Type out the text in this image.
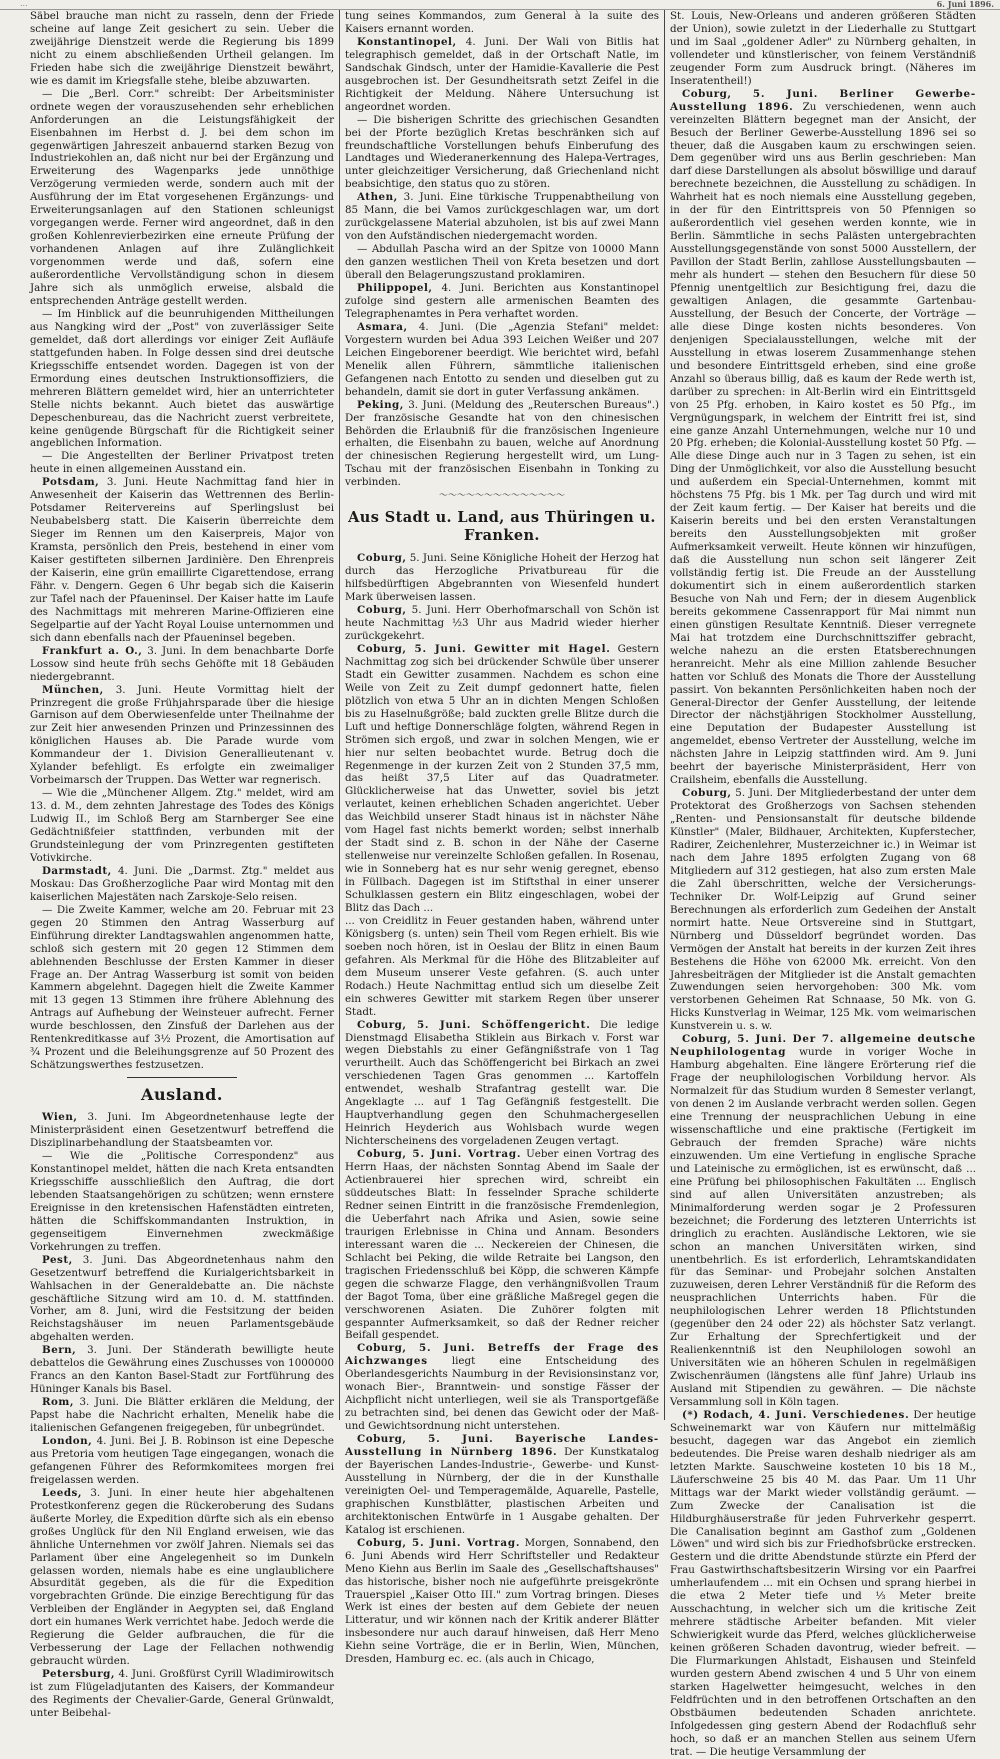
...	6. Juni 1896.

Säbel brauche man nicht zu rasseln, denn der Friede scheine auf lange Zeit gesichert zu sein. Ueber die zweijährige Dienstzeit werde die Regierung bis 1899 nicht zu einem abschließenden Urtheil gelangen. Im Frieden habe sich die zweijährige Dienstzeit bewährt, wie es damit im Kriegsfalle stehe, bleibe abzuwarten.

— Die „Berl. Corr." schreibt: Der Arbeitsminister ordnete wegen der vorauszusehenden sehr erheblichen Anforderungen an die Leistungsfähigkeit der Eisenbahnen im Herbst d. J. bei dem schon im gegenwärtigen Jahreszeit anbauernd starken Bezug von Industriekohlen an, daß nicht nur bei der Ergänzung und Erweiterung des Wagenparks jede unnöthige Verzögerung vermieden werde, sondern auch mit der Ausführung der im Etat vorgesehenen Ergänzungs- und Erweiterungsanlagen auf den Stationen schleunigst vorgegangen werde. Ferner wird angeordnet, daß in den großen Kohlenrevierbezirken eine erneute Prüfung der vorhandenen Anlagen auf ihre Zulänglichkeit vorgenommen werde und daß, sofern eine außerordentliche Vervollständigung schon in diesem Jahre sich als unmöglich erweise, alsbald die entsprechenden Anträge gestellt werden.

— Im Hinblick auf die beunruhigenden Mittheilungen aus Nangking wird der „Post" von zuverlässiger Seite gemeldet, daß dort allerdings vor einiger Zeit Aufläufe stattgefunden haben. In Folge dessen sind drei deutsche Kriegsschiffe entsendet worden. Dagegen ist von der Ermordung eines deutschen Instruktionsoffiziers, die mehreren Blättern gemeldet wird, hier an unterrichteter Stelle nichts bekannt. Auch bietet das auswärtige Depeschenbureau, das die Nachricht zuerst verbreitete, keine genügende Bürgschaft für die Richtigkeit seiner angeblichen Information.

— Die Angestellten der Berliner Privatpost treten heute in einen allgemeinen Ausstand ein.

Potsdam, 3. Juni. Heute Nachmittag fand hier in Anwesenheit der Kaiserin das Wettrennen des Berlin-Potsdamer Reitervereins auf Sperlingslust bei Neubabelsberg statt. Die Kaiserin überreichte dem Sieger im Rennen um den Kaiserpreis, Major von Kramsta, persönlich den Preis, bestehend in einer vom Kaiser gestifteten silbernen Jardinière. Den Ehrenpreis der Kaiserin, eine grün emaillirte Cigarettendose, errang Fähr. v. Dengern. Gegen 6 Uhr begab sich die Kaiserin zur Tafel nach der Pfaueninsel. Der Kaiser hatte im Laufe des Nachmittags mit mehreren Marine-Offizieren eine Segelpartie auf der Yacht Royal Louise unternommen und sich dann ebenfalls nach der Pfaueninsel begeben.

Frankfurt a. O., 3. Juni. In dem benachbarte Dorfe Lossow sind heute früh sechs Gehöfte mit 18 Gebäuden niedergebrannt.

München, 3. Juni. Heute Vormittag hielt der Prinzregent die große Frühjahrsparade über die hiesige Garnison auf dem Oberwiesenfelde unter Theilnahme der zur Zeit hier anwesenden Prinzen und Prinzessinnen des königlichen Hauses ab. Die Parade wurde vom Kommandeur der 1. Division Generallieutenant v. Xylander befehligt. Es erfolgte ein zweimaliger Vorbeimarsch der Truppen. Das Wetter war regnerisch.

— Wie die „Münchener Allgem. Ztg." meldet, wird am 13. d. M., dem zehnten Jahrestage des Todes des Königs Ludwig II., im Schloß Berg am Starnberger See eine Gedächtnißfeier stattfinden, verbunden mit der Grundsteinlegung der vom Prinzregenten gestifteten Votivkirche.

Darmstadt, 4. Juni. Die „Darmst. Ztg." meldet aus Moskau: Das Großherzogliche Paar wird Montag mit den kaiserlichen Majestäten nach Zarskoje-Selo reisen.

— Die Zweite Kammer, welche am 20. Februar mit 23 gegen 20 Stimmen den Antrag Wasserburg auf Einführung direkter Landtagswahlen angenommen hatte, schloß sich gestern mit 20 gegen 12 Stimmen dem ablehnenden Beschlusse der Ersten Kammer in dieser Frage an. Der Antrag Wasserburg ist somit von beiden Kammern abgelehnt. Dagegen hielt die Zweite Kammer mit 13 gegen 13 Stimmen ihre frühere Ablehnung des Antrags auf Aufhebung der Weinsteuer aufrecht. Ferner wurde beschlossen, den Zinsfuß der Darlehen aus der Rentenkreditkasse auf 3½ Prozent, die Amortisation auf ¾ Prozent und die Beleihungsgrenze auf 50 Prozent des Schätzungswerthes festzusetzen.

Ausland.

Wien, 3. Juni. Im Abgeordnetenhause legte der Ministerpräsident einen Gesetzentwurf betreffend die Disziplinarbehandlung der Staatsbeamten vor.

— Wie die „Politische Correspondenz" aus Konstantinopel meldet, hätten die nach Kreta entsandten Kriegsschiffe ausschließlich den Auftrag, die dort lebenden Staatsangehörigen zu schützen; wenn ernstere Ereignisse in den kretensischen Hafenstädten eintreten, hätten die Schiffskommandanten Instruktion, in gegenseitigem Einvernehmen zweckmäßige Vorkehrungen zu treffen.

Pest, 3. Juni. Das Abgeordnetenhaus nahm den Gesetzentwurf betreffend die Kurialgerichtsbarkeit in Wahlsachen in der Generaldebatte an. Die nächste geschäftliche Sitzung wird am 10. d. M. stattfinden. Vorher, am 8. Juni, wird die Festsitzung der beiden Reichstagshäuser im neuen Parlamentsgebäude abgehalten werden.

Bern, 3. Juni. Der Ständerath bewilligte heute debattelos die Gewährung eines Zuschusses von 1000000 Francs an den Kanton Basel-Stadt zur Fortführung des Hüninger Kanals bis Basel.

Rom, 3. Juni. Die Blätter erklären die Meldung, der Papst habe die Nachricht erhalten, Menelik habe die italienischen Gefangenen freigegeben, für unbegründet.

London, 4. Juni. Bei J. B. Robinson ist eine Depesche aus Pretoria vom heutigen Tage eingegangen, wonach die gefangenen Führer des Reformkomitees morgen frei freigelassen werden.

Leeds, 3. Juni. In einer heute hier abgehaltenen Protestkonferenz gegen die Rückeroberung des Sudans äußerte Morley, die Expedition dürfte sich als ein ebenso großes Unglück für den Nil England erweisen, wie das ähnliche Unternehmen vor zwölf Jahren. Niemals sei das Parlament über eine Angelegenheit so im Dunkeln gelassen worden, niemals habe es eine unglaublichere Absurdität gegeben, als die für die Expedition vorgebrachten Gründe. Die einzige Berechtigung für das Verbleiben der Engländer in Aegypten sei, daß England dort ein humanes Werk verrichtet habe. Jedoch werde die Regierung die Gelder aufbrauchen, die für die Verbesserung der Lage der Fellachen nothwendig gebraucht würden.

Petersburg, 4. Juni. Großfürst Cyrill Wladimirowitsch ist zum Flügeladjutanten des Kaisers, der Kommandeur des Regiments der Chevalier-Garde, General Grünwaldt, unter Beibehal-

tung seines Kommandos, zum General à la suite des Kaisers ernannt worden.

Konstantinopel, 4. Juni. Der Wali von Bitlis hat telegraphisch gemeldet, daß in der Ortschaft Natle, im Sandschak Gindsch, unter der Hamidie-Kavallerie die Pest ausgebrochen ist. Der Gesundheitsrath setzt Zeifel in die Richtigkeit der Meldung. Nähere Untersuchung ist angeordnet worden.

— Die bisherigen Schritte des griechischen Gesandten bei der Pforte bezüglich Kretas beschränken sich auf freundschaftliche Vorstellungen behufs Einberufung des Landtages und Wiederanerkennung des Halepa-Vertrages, unter gleichzeitiger Versicherung, daß Griechenland nicht beabsichtige, den status quo zu stören.

Athen, 3. Juni. Eine türkische Truppenabtheilung von 85 Mann, die bei Vamos zurückgeschlagen war, um dort zurückgelassene Material abzuholen, ist bis auf zwei Mann von den Aufständischen niedergemacht worden.

— Abdullah Pascha wird an der Spitze von 10000 Mann den ganzen westlichen Theil von Kreta besetzen und dort überall den Belagerungszustand proklamiren.

Philippopel, 4. Juni. Berichten aus Konstantinopel zufolge sind gestern alle armenischen Beamten des Telegraphenamtes in Pera verhaftet worden.

Asmara, 4. Juni. (Die „Agenzia Stefani" meldet: Vorgestern wurden bei Adua 393 Leichen Weißer und 207 Leichen Eingeborener beerdigt. Wie berichtet wird, befahl Menelik allen Führern, sämmtliche italienischen Gefangenen nach Entotto zu senden und dieselben gut zu behandeln, damit sie dort in guter Verfassung ankämen.

Peking, 3. Juni. (Meldung des „Reuterschen Bureaus".) Der französische Gesandte hat von den chinesischen Behörden die Erlaubniß für die französischen Ingenieure erhalten, die Eisenbahn zu bauen, welche auf Anordnung der chinesischen Regierung hergestellt wird, um Lung-Tschau mit der französischen Eisenbahn in Tonking zu verbinden.

〜〜〜〜〜〜〜〜〜〜〜〜〜〜
Aus Stadt u. Land, aus Thüringen u. Franken.

Coburg, 5. Juni. Seine Königliche Hoheit der Herzog hat durch das Herzogliche Privatbureau für die hilfsbedürftigen Abgebrannten von Wiesenfeld hundert Mark überweisen lassen.

Coburg, 5. Juni. Herr Oberhofmarschall von Schön ist heute Nachmittag ½3 Uhr aus Madrid wieder hierher zurückgekehrt.

Coburg, 5. Juni. Gewitter mit Hagel. Gestern Nachmittag zog sich bei drückender Schwüle über unserer Stadt ein Gewitter zusammen. Nachdem es schon eine Weile von Zeit zu Zeit dumpf gedonnert hatte, fielen plötzlich von etwa 5 Uhr an in dichten Mengen Schloßen bis zu Haselnußgröße; bald zuckten grelle Blitze durch die Luft und heftige Donnerschläge folgten, während Regen in Strömen sich ergoß, und zwar in solchen Mengen, wie er hier nur selten beobachtet wurde. Betrug doch die Regenmenge in der kurzen Zeit von 2 Stunden 37,5 mm, das heißt 37,5 Liter auf das Quadratmeter. Glücklicherweise hat das Unwetter, soviel bis jetzt verlautet, keinen erheblichen Schaden angerichtet. Ueber das Weichbild unserer Stadt hinaus ist in nächster Nähe vom Hagel fast nichts bemerkt worden; selbst innerhalb der Stadt sind z. B. schon in der Nähe der Caserne stellenweise nur vereinzelte Schloßen gefallen. In Rosenau, wie in Sonneberg hat es nur sehr wenig geregnet, ebenso in Füllbach. Dagegen ist im Stiftsthal in einer unserer Schulklassen gestern ein Blitz eingeschlagen, wobei der Blitz das Dach ...

... von Creidlitz in Feuer gestanden haben, während unter Königsberg (s. unten) sein Theil vom Regen erhielt. Bis wie soeben noch hören, ist in Oeslau der Blitz in einen Baum gefahren. Als Merkmal für die Höhe des Blitzableiter auf dem Museum unserer Veste gefahren. (S. auch unter Rodach.) Heute Nachmittag entlud sich um dieselbe Zeit ein schweres Gewitter mit starkem Regen über unserer Stadt.

Coburg, 5. Juni. Schöffengericht. Die ledige Dienstmagd Elisabetha Stiklein aus Birkach v. Forst war wegen Diebstahls zu einer Gefängnißstrafe von 1 Tag verurtheilt. Auch das Schöffengericht bei Birkach an zwei verschiedenen Tagen Gras genommen ... Kartoffeln entwendet, weshalb Strafantrag gestellt war. Die Angeklagte ... auf 1 Tag Gefängniß festgestellt. Die Hauptverhandlung gegen den Schuhmachergesellen Heinrich Heyderich aus Wohlsbach wurde wegen Nichterscheinens des vorgeladenen Zeugen vertagt.

Coburg, 5. Juni. Vortrag. Ueber einen Vortrag des Herrn Haas, der nächsten Sonntag Abend im Saale der Actienbrauerei hier sprechen wird, schreibt ein süddeutsches Blatt: In fesselnder Sprache schilderte Redner seinen Eintritt in die französische Fremdenlegion, die Ueberfahrt nach Afrika und Asien, sowie seine traurigen Erlebnisse in China und Annam. Besonders interessant waren die ... Neckereien der Chinesen, die Schlacht bei Peking, die wilde Retraite bei Langson, den tragischen Friedensschluß bei Köpp, die schweren Kämpfe gegen die schwarze Flagge, den verhängnißvollen Traum der Bagot Toma, über eine gräßliche Maßregel gegen die verschworenen Asiaten. Die Zuhörer folgten mit gespannter Aufmerksamkeit, so daß der Redner reicher Beifall gespendet.

Coburg, 5. Juni. Betreffs der Frage des Aichzwanges liegt eine Entscheidung des Oberlandesgerichts Naumburg in der Revisionsinstanz vor, wonach Bier-, Branntwein- und sonstige Fässer der Aichpflicht nicht unterliegen, weil sie als Transportgefäße zu betrachten sind, bei denen das Gewicht oder der Maß- und Gewichtsordnung nicht unterstehen.

Coburg, 5. Juni. Bayerische Landes-Ausstellung in Nürnberg 1896. Der Kunstkatalog der Bayerischen Landes-Industrie-, Gewerbe- und Kunst-Ausstellung in Nürnberg, der die in der Kunsthalle vereinigten Oel- und Temperagemälde, Aquarelle, Pastelle, graphischen Kunstblätter, plastischen Arbeiten und architektonischen Entwürfe in 1 Ausgabe gehalten. Der Katalog ist erschienen.

Coburg, 5. Juni. Vortrag. Morgen, Sonnabend, den 6. Juni Abends wird Herr Schriftsteller und Redakteur Meno Kiehn aus Berlin im Saale des „Gesellschaftshauses" das historische, bisher noch nie aufgeführte preisgekrönte Trauerspiel „Kaiser Otto III." zum Vortrag bringen. Dieses Werk ist eines der besten auf dem Gebiete der neuen Litteratur, und wir können nach der Kritik anderer Blätter insbesondere nur auch darauf hinweisen, daß Herr Meno Kiehn seine Vorträge, die er in Berlin, Wien, München, Dresden, Hamburg ec. ec. (als auch in Chicago,

St. Louis, New-Orleans und anderen größeren Städten der Union), sowie zuletzt in der Liederhalle zu Stuttgart und im Saal „goldener Adler" zu Nürnberg gehalten, in vollendeter und künstlerischer, von feinem Verständniß zeugender Form zum Ausdruck bringt. (Näheres im Inseratentheil!)

Coburg, 5. Juni. Berliner Gewerbe-Ausstellung 1896. Zu verschiedenen, wenn auch vereinzelten Blättern begegnet man der Ansicht, der Besuch der Berliner Gewerbe-Ausstellung 1896 sei so theuer, daß die Ausgaben kaum zu erschwingen seien. Dem gegenüber wird uns aus Berlin geschrieben: Man darf diese Darstellungen als absolut böswillige und darauf berechnete bezeichnen, die Ausstellung zu schädigen. In Wahrheit hat es noch niemals eine Ausstellung gegeben, in der für den Eintrittspreis von 50 Pfennigen so außerordentlich viel gesehen werden konnte, wie in Berlin. Sämmtliche in sechs Palästen untergebrachten Ausstellungsgegenstände von sonst 5000 Ausstellern, der Pavillon der Stadt Berlin, zahllose Ausstellungsbauten — mehr als hundert — stehen den Besuchern für diese 50 Pfennig unentgeltlich zur Besichtigung frei, dazu die gewaltigen Anlagen, die gesammte Gartenbau-Ausstellung, der Besuch der Concerte, der Vorträge — alle diese Dinge kosten nichts besonderes. Von denjenigen Specialausstellungen, welche mit der Ausstellung in etwas loserem Zusammenhange stehen und besondere Eintrittsgeld erheben, sind eine große Anzahl so überaus billig, daß es kaum der Rede werth ist, darüber zu sprechen: in Alt-Berlin wird ein Eintrittsgeld von 25 Pfg. erhoben, in Kairo kostet es 50 Pfg., im Vergnügungspark, in welchem der Eintritt frei ist, sind eine ganze Anzahl Unternehmungen, welche nur 10 und 20 Pfg. erheben; die Kolonial-Ausstellung kostet 50 Pfg. — Alle diese Dinge auch nur in 3 Tagen zu sehen, ist ein Ding der Unmöglichkeit, vor also die Ausstellung besucht und außerdem ein Special-Unternehmen, kommt mit höchstens 75 Pfg. bis 1 Mk. per Tag durch und wird mit der Zeit kaum fertig. — Der Kaiser hat bereits und die Kaiserin bereits und bei den ersten Veranstaltungen bereits den Ausstellungsobjekten mit großer Aufmerksamkeit verweilt. Heute können wir hinzufügen, daß die Ausstellung nun schon seit längerer Zeit vollständig fertig ist. Die Freude an der Ausstellung dokumentirt sich in einem außerordentlich starken Besuche von Nah und Fern; der in diesem Augenblick bereits gekommene Cassenrapport für Mai nimmt nun einen günstigen Resultate Kenntniß. Dieser verregnete Mai hat trotzdem eine Durchschnittsziffer gebracht, welche nahezu an die ersten Etatsberechnungen heranreicht. Mehr als eine Million zahlende Besucher hatten vor Schluß des Monats die Thore der Ausstellung passirt. Von bekannten Persönlichkeiten haben noch der General-Director der Genfer Ausstellung, der leitende Director der nächstjährigen Stockholmer Ausstellung, eine Deputation der Budapester Ausstellung ist angemeldet, ebenso Vertreter der Ausstellung, welche im nächsten Jahre in Leipzig stattfinden wird. Am 9. Juni beehrt der bayerische Ministerpräsident, Herr von Crailsheim, ebenfalls die Ausstellung.

Coburg, 5. Juni. Der Mitgliederbestand der unter dem Protektorat des Großherzogs von Sachsen stehenden „Renten- und Pensionsanstalt für deutsche bildende Künstler" (Maler, Bildhauer, Architekten, Kupferstecher, Radirer, Zeichenlehrer, Musterzeichner ic.) in Weimar ist nach dem Jahre 1895 erfolgten Zugang von 68 Mitgliedern auf 312 gestiegen, hat also zum ersten Male die Zahl überschritten, welche der Versicherungs-Techniker Dr. Wolf-Leipzig auf Grund seiner Berechnungen als erforderlich zum Gedeihen der Anstalt normirt hatte. Neue Ortsvereine sind in Stuttgart, Nürnberg und Düsseldorf begründet worden. Das Vermögen der Anstalt hat bereits in der kurzen Zeit ihres Bestehens die Höhe von 62000 Mk. erreicht. Von den Jahresbeiträgen der Mitglieder ist die Anstalt gemachten Zuwendungen seien hervorgehoben: 300 Mk. vom verstorbenen Geheimen Rat Schnaase, 50 Mk. von G. Hicks Kunstverlag in Weimar, 125 Mk. vom weimarischen Kunstverein u. s. w.

Coburg, 5. Juni. Der 7. allgemeine deutsche Neuphilologentag wurde in voriger Woche in Hamburg abgehalten. Eine längere Erörterung rief die Frage der neuphilologischen Vorbildung hervor. Als Normalzeit für das Studium wurden 8 Semester verlangt, von denen 2 im Auslande verbracht werden sollen. Gegen eine Trennung der neusprachlichen Uebung in eine wissenschaftliche und eine praktische (Fertigkeit im Gebrauch der fremden Sprache) wäre nichts einzuwenden. Um eine Vertiefung in englische Sprache und Lateinische zu ermöglichen, ist es erwünscht, daß ... eine Prüfung bei philosophischen Fakultäten ... Englisch sind auf allen Universitäten anzustreben; als Minimalforderung werden sogar je 2 Professuren bezeichnet; die Forderung des letzteren Unterrichts ist dringlich zu erachten. Ausländische Lektoren, wie sie schon an manchen Universitäten wirken, sind unentbehrlich. Es ist erforderlich, Lehramtskandidaten für das Seminar- und Probejahr solchen Anstalten zuzuweisen, deren Lehrer Verständniß für die Reform des neusprachlichen Unterrichts haben. Für die neuphilologischen Lehrer werden 18 Pflichtstunden (gegenüber den 24 oder 22) als höchster Satz verlangt. Zur Erhaltung der Sprechfertigkeit und der Realienkenntniß ist den Neuphilologen sowohl an Universitäten wie an höheren Schulen in regelmäßigen Zwischenräumen (längstens alle fünf Jahre) Urlaub ins Ausland mit Stipendien zu gewähren. — Die nächste Versammlung soll in Köln tagen.

(*) Rodach, 4. Juni. Verschiedenes. Der heutige Schweinemarkt war von Käufern nur mittelmäßig besucht, dagegen war das Angebot ein ziemlich bedeutendes. Die Preise waren deshalb niedriger als am letzten Markte. Sauschweine kosteten 10 bis 18 M., Läuferschweine 25 bis 40 M. das Paar. Um 11 Uhr Mittags war der Markt wieder vollständig geräumt. — Zum Zwecke der Canalisation ist die Hildburghäuserstraße für jeden Fuhrverkehr gesperrt. Die Canalisation beginnt am Gasthof zum „Goldenen Löwen" und wird sich bis zur Friedhofsbrücke erstrecken. Gestern und die dritte Abendstunde stürzte ein Pferd der Frau Gastwirthschaftsbesitzerin Wirsing vor ein Paarfrei umherlaufendem ... mit ein Ochsen und sprang hierbei in die etwa 2 Meter tiefe und ⅓ Meter breite Ausschachtung, in welcher sich um die kritische Zeit mehrere städtische Arbeiter befanden. Mit vieler Schwierigkeit wurde das Pferd, welches glücklicherweise keinen größeren Schaden davontrug, wieder befreit. — Die Flurmarkungen Ahlstadt, Eishausen und Steinfeld wurden gestern Abend zwischen 4 und 5 Uhr von einem starken Hagelwetter heimgesucht, welches in den Feldfrüchten und in den betroffenen Ortschaften an den Obstbäumen bedeutenden Schaden anrichtete. Infolgedessen ging gestern Abend der Rodachfluß sehr hoch, so daß er an manchen Stellen aus seinem Ufern trat. — Die heutige Versammlung der
